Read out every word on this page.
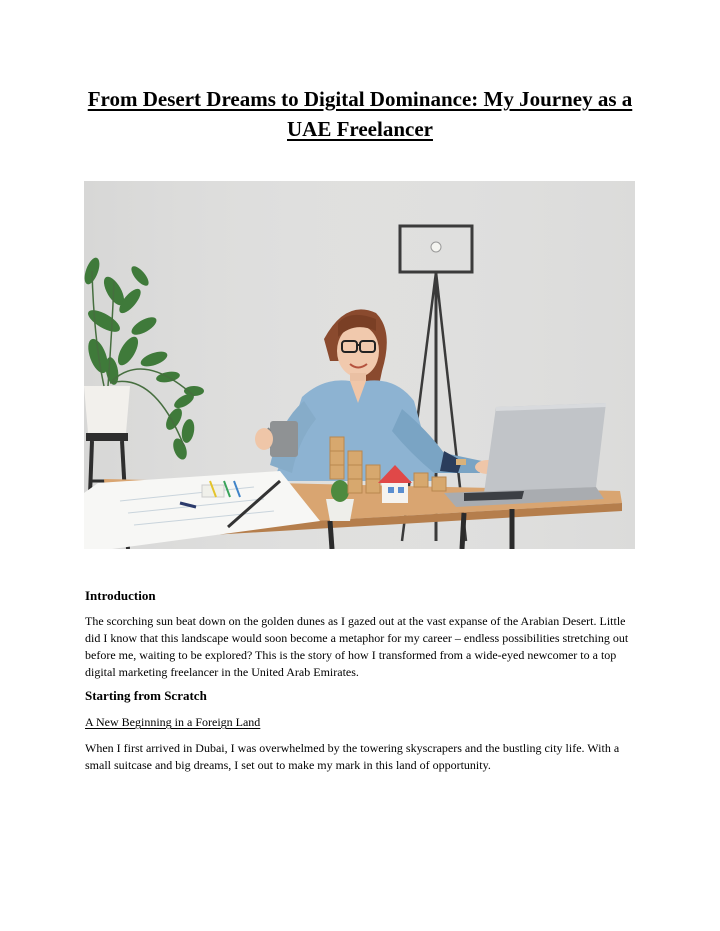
From Desert Dreams to Digital Dominance: My Journey as a UAE Freelancer
Introduction

The scorching sun beat down on the golden dunes as I gazed out at the vast expanse of the Arabian Desert. Little did I know that this landscape would soon become a metaphor for my career – endless possibilities stretching out before me, waiting to be explored? This is the story of how I transformed from a wide-eyed newcomer to a top digital marketing freelancer in the United Arab Emirates.

Starting from Scratch

A New Beginning in a Foreign Land

When I first arrived in Dubai, I was overwhelmed by the towering skyscrapers and the bustling city life. With a small suitcase and big dreams, I set out to make my mark in this land of opportunity.
